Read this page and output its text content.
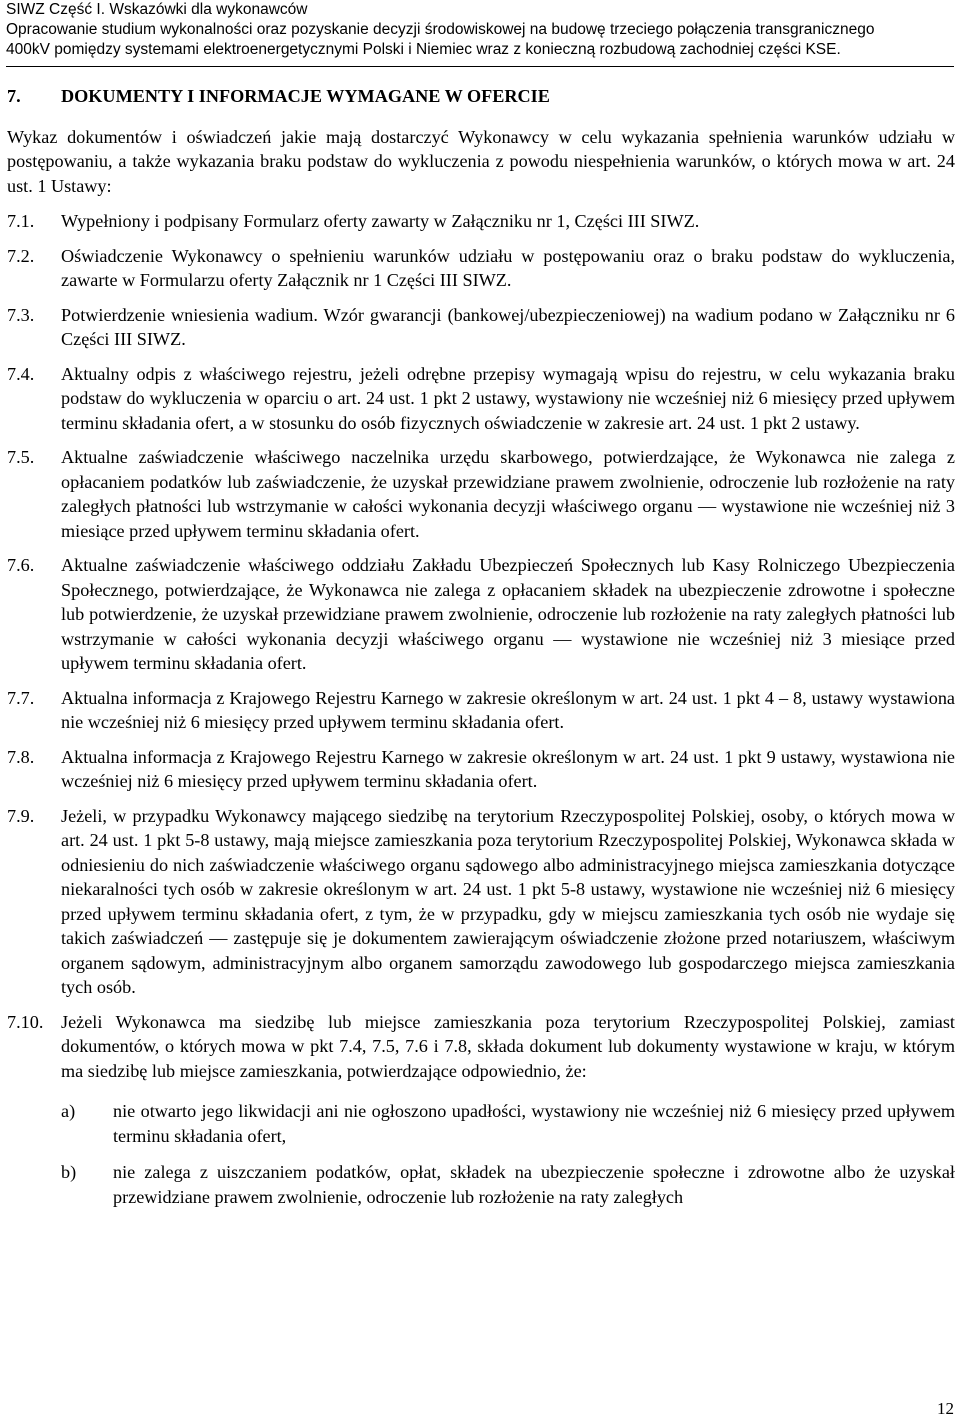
SIWZ Część I. Wskazówki dla wykonawców
Opracowanie studium wykonalności oraz pozyskanie decyzji środowiskowej na budowę trzeciego połączenia transgranicznego
400kV pomiędzy systemami elektroenergetycznymi Polski i Niemiec wraz z konieczną rozbudową zachodniej części KSE.
7.	DOKUMENTY I INFORMACJE WYMAGANE W OFERCIE
Wykaz dokumentów i oświadczeń jakie mają dostarczyć Wykonawcy w celu wykazania spełnienia warunków udziału w postępowaniu, a także wykazania braku podstaw do wykluczenia z powodu niespełnienia warunków, o których mowa w art. 24 ust. 1 Ustawy:
7.1.	Wypełniony i podpisany Formularz oferty zawarty w Załączniku nr 1, Części III SIWZ.
7.2.	Oświadczenie Wykonawcy o spełnieniu warunków udziału w postępowaniu oraz o braku podstaw do wykluczenia, zawarte w Formularzu oferty Załącznik nr 1 Części III SIWZ.
7.3.	Potwierdzenie wniesienia wadium. Wzór gwarancji (bankowej/ubezpieczeniowej) na wadium podano w Załączniku nr 6 Części III SIWZ.
7.4.	Aktualny odpis z właściwego rejestru, jeżeli odrębne przepisy wymagają wpisu do rejestru, w celu wykazania braku podstaw do wykluczenia w oparciu o art. 24 ust. 1 pkt 2 ustawy, wystawiony nie wcześniej niż 6 miesięcy przed upływem terminu składania ofert, a w stosunku do osób fizycznych oświadczenie w zakresie art. 24 ust. 1 pkt 2 ustawy.
7.5.	Aktualne zaświadczenie właściwego naczelnika urzędu skarbowego, potwierdzające, że Wykonawca nie zalega z opłacaniem podatków lub zaświadczenie, że uzyskał przewidziane prawem zwolnienie, odroczenie lub rozłożenie na raty zaległych płatności lub wstrzymanie w całości wykonania decyzji właściwego organu — wystawione nie wcześniej niż 3 miesiące przed upływem terminu składania ofert.
7.6.	Aktualne zaświadczenie właściwego oddziału Zakładu Ubezpieczeń Społecznych lub Kasy Rolniczego Ubezpieczenia Społecznego, potwierdzające, że Wykonawca nie zalega z opłacaniem składek na ubezpieczenie zdrowotne i społeczne lub potwierdzenie, że uzyskał przewidziane prawem zwolnienie, odroczenie lub rozłożenie na raty zaległych płatności lub wstrzymanie w całości wykonania decyzji właściwego organu — wystawione nie wcześniej niż 3 miesiące przed upływem terminu składania ofert.
7.7.	Aktualna informacja z Krajowego Rejestru Karnego w zakresie określonym w art. 24 ust. 1 pkt 4 – 8, ustawy wystawiona nie wcześniej niż 6 miesięcy przed upływem terminu składania ofert.
7.8.	Aktualna informacja z Krajowego Rejestru Karnego w zakresie określonym w art. 24 ust. 1 pkt 9 ustawy, wystawiona nie wcześniej niż 6 miesięcy przed upływem terminu składania ofert.
7.9.	Jeżeli, w przypadku Wykonawcy mającego siedzibę na terytorium Rzeczypospolitej Polskiej, osoby, o których mowa w art. 24 ust. 1 pkt 5-8 ustawy, mają miejsce zamieszkania poza terytorium Rzeczypospolitej Polskiej, Wykonawca składa w odniesieniu do nich zaświadczenie właściwego organu sądowego albo administracyjnego miejsca zamieszkania dotyczące niekaralności tych osób w zakresie określonym w art. 24 ust. 1 pkt 5-8 ustawy, wystawione nie wcześniej niż 6 miesięcy przed upływem terminu składania ofert, z tym, że w przypadku, gdy w miejscu zamieszkania tych osób nie wydaje się takich zaświadczeń — zastępuje się je dokumentem zawierającym oświadczenie złożone przed notariuszem, właściwym organem sądowym, administracyjnym albo organem samorządu zawodowego lub gospodarczego miejsca zamieszkania tych osób.
7.10. Jeżeli Wykonawca ma siedzibę lub miejsce zamieszkania poza terytorium Rzeczypospolitej Polskiej, zamiast dokumentów, o których mowa w pkt 7.4, 7.5, 7.6 i 7.8, składa dokument lub dokumenty wystawione w kraju, w którym ma siedzibę lub miejsce zamieszkania, potwierdzające odpowiednio, że:
a)	nie otwarto jego likwidacji ani nie ogłoszono upadłości, wystawiony nie wcześniej niż 6 miesięcy przed upływem terminu składania ofert,
b)	nie zalega z uiszczaniem podatków, opłat, składek na ubezpieczenie społeczne i zdrowotne albo że uzyskał przewidziane prawem zwolnienie, odroczenie lub rozłożenie na raty zaległych
12
